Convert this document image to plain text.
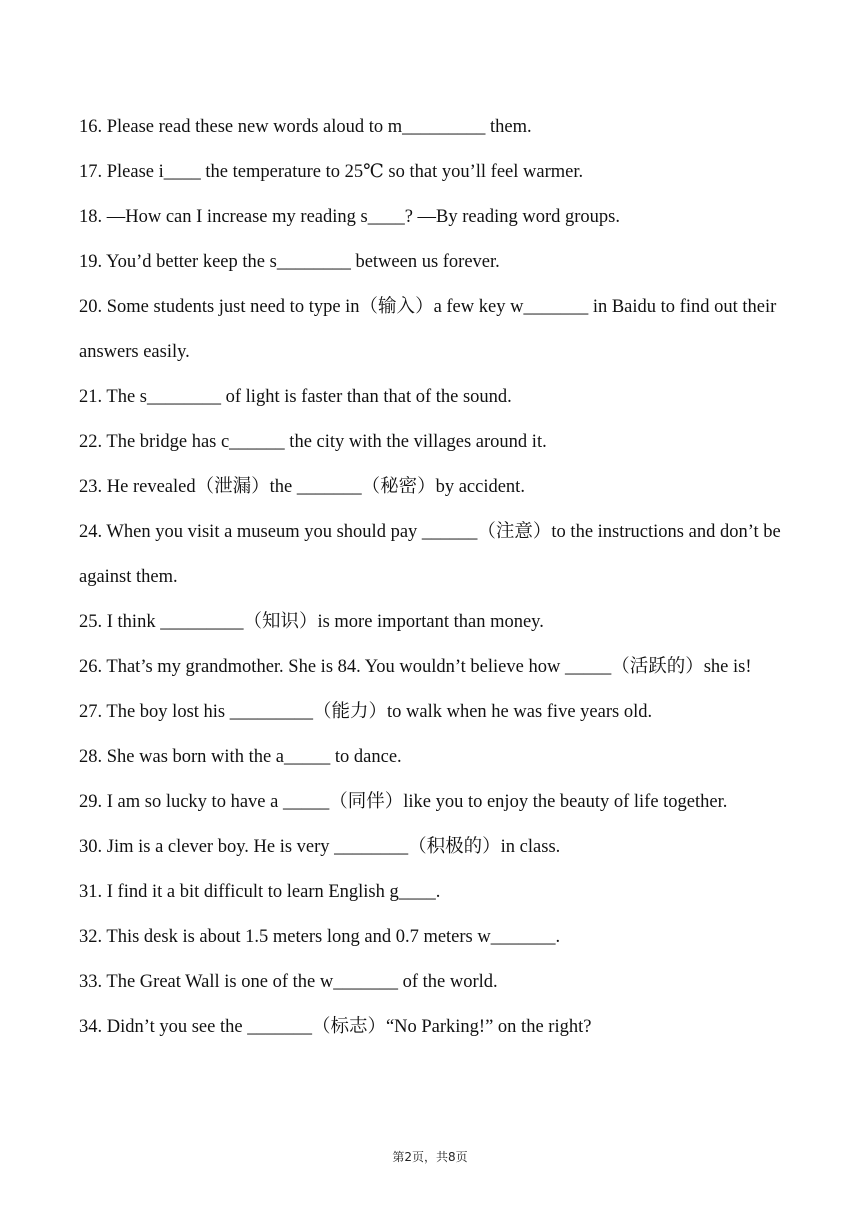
16. Please read these new words aloud to m_________ them.

17. Please i____ the temperature to 25℃ so that you’ll feel warmer.

18. —How can I increase my reading s____? —By reading word groups.

19. You’d better keep the s________ between us forever.

20. Some students just need to type in（输入）a few key w_______ in Baidu to find out their answers easily.

21. The s________ of light is faster than that of the sound.

22. The bridge has c______ the city with the villages around it.

23. He revealed（泄漏）the _______（秘密）by accident.

24. When you visit a museum you should pay ______（注意）to the instructions and don’t be against them.

25. I think _________（知识）is more important than money.

26. That’s my grandmother. She is 84. You wouldn’t believe how _____（活跃的）she is!

27. The boy lost his _________（能力）to walk when he was five years old.

28. She was born with the a_____ to dance.

29. I am so lucky to have a _____（同伴）like you to enjoy the beauty of life together.

30. Jim is a clever boy. He is very ________（积极的）in class.

31. I find it a bit difficult to learn English g____.

32. This desk is about 1.5 meters long and 0.7 meters w_______.

33. The Great Wall is one of the w_______ of the world.

34. Didn’t you see the _______（标志）“No Parking!” on the right?

第2页，共8页
